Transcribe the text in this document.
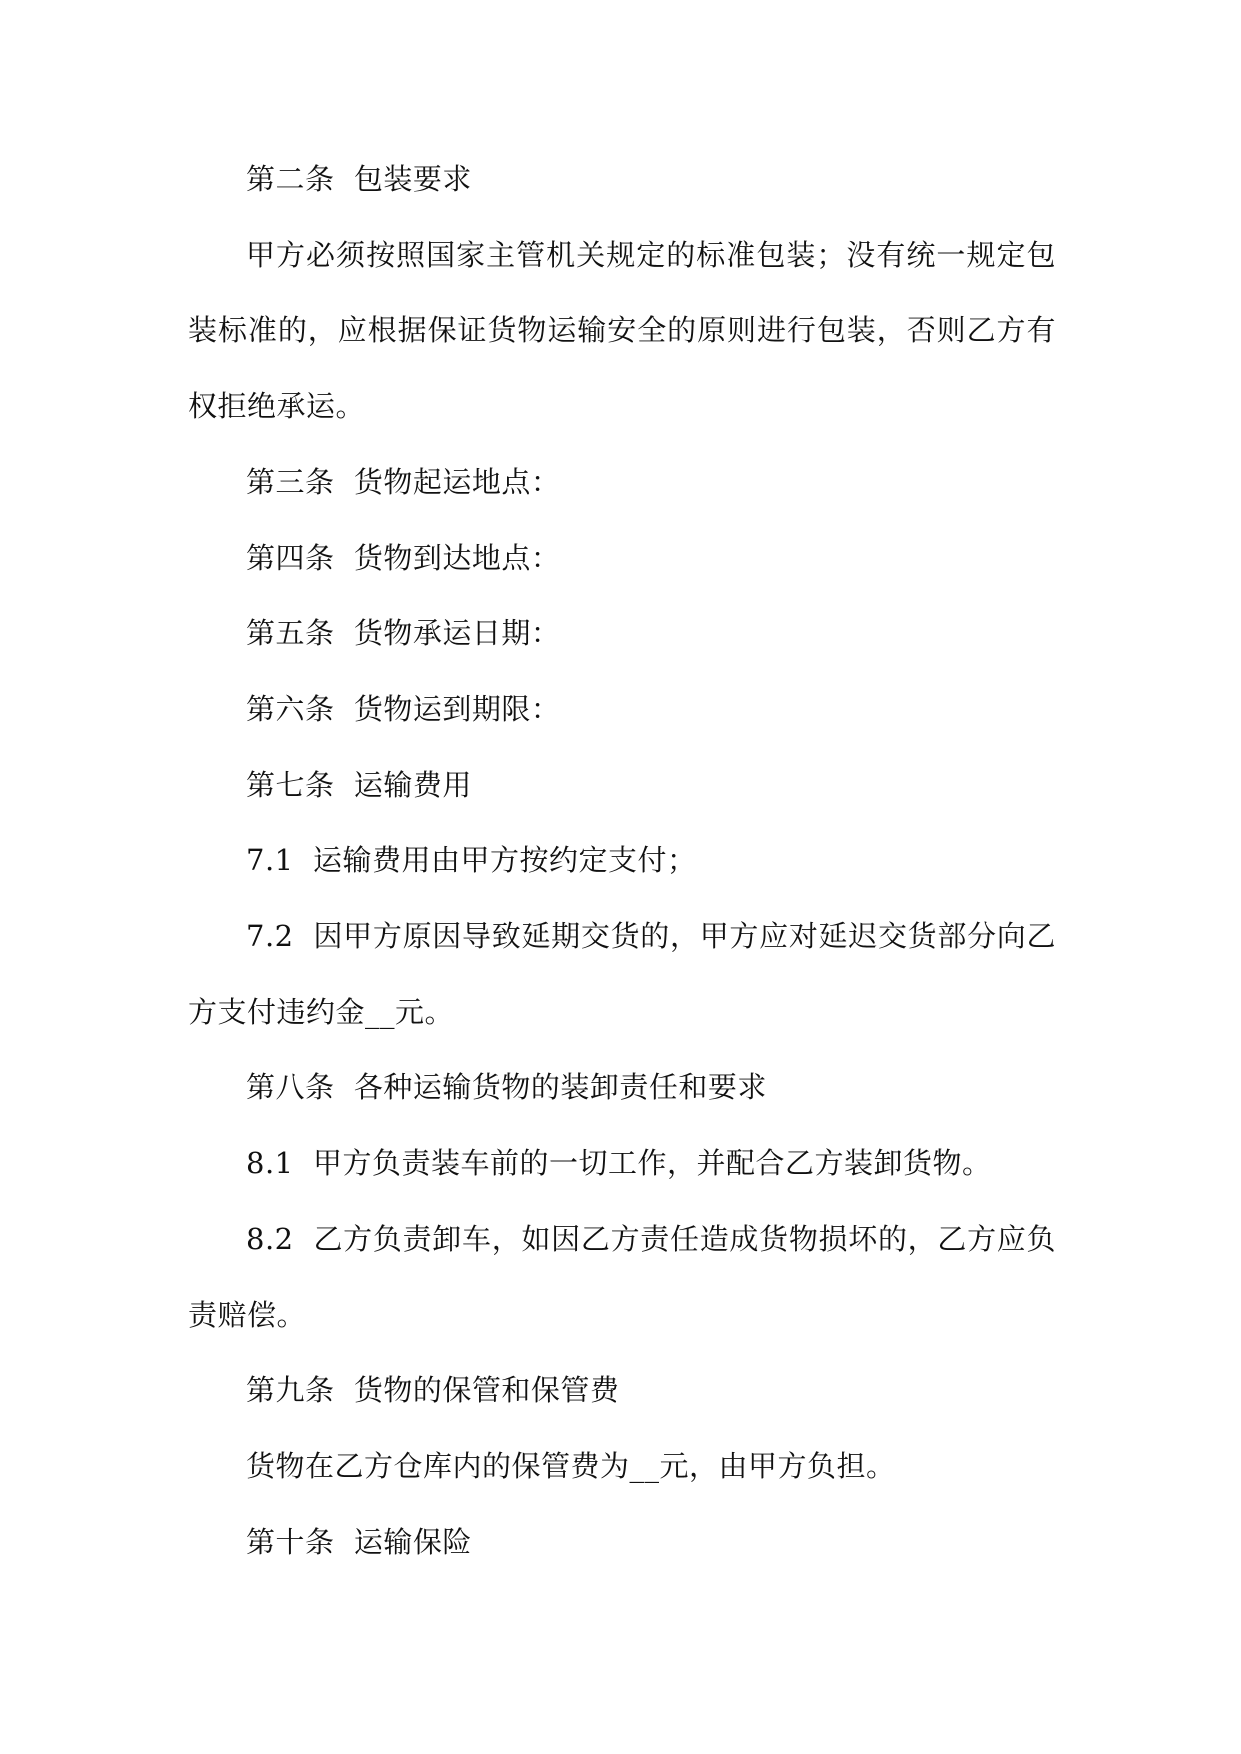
第二条  包装要求

甲方必须按照国家主管机关规定的标准包装；没有统一规定包装标准的，应根据保证货物运输安全的原则进行包装，否则乙方有权拒绝承运。

第三条  货物起运地点：

第四条  货物到达地点：

第五条  货物承运日期：

第六条  货物运到期限：

第七条  运输费用

7.1  运输费用由甲方按约定支付；

7.2  因甲方原因导致延期交货的，甲方应对延迟交货部分向乙方支付违约金__元。

第八条  各种运输货物的装卸责任和要求

8.1  甲方负责装车前的一切工作，并配合乙方装卸货物。

8.2  乙方负责卸车，如因乙方责任造成货物损坏的，乙方应负责赔偿。

第九条  货物的保管和保管费

货物在乙方仓库内的保管费为__元，由甲方负担。

第十条  运输保险
